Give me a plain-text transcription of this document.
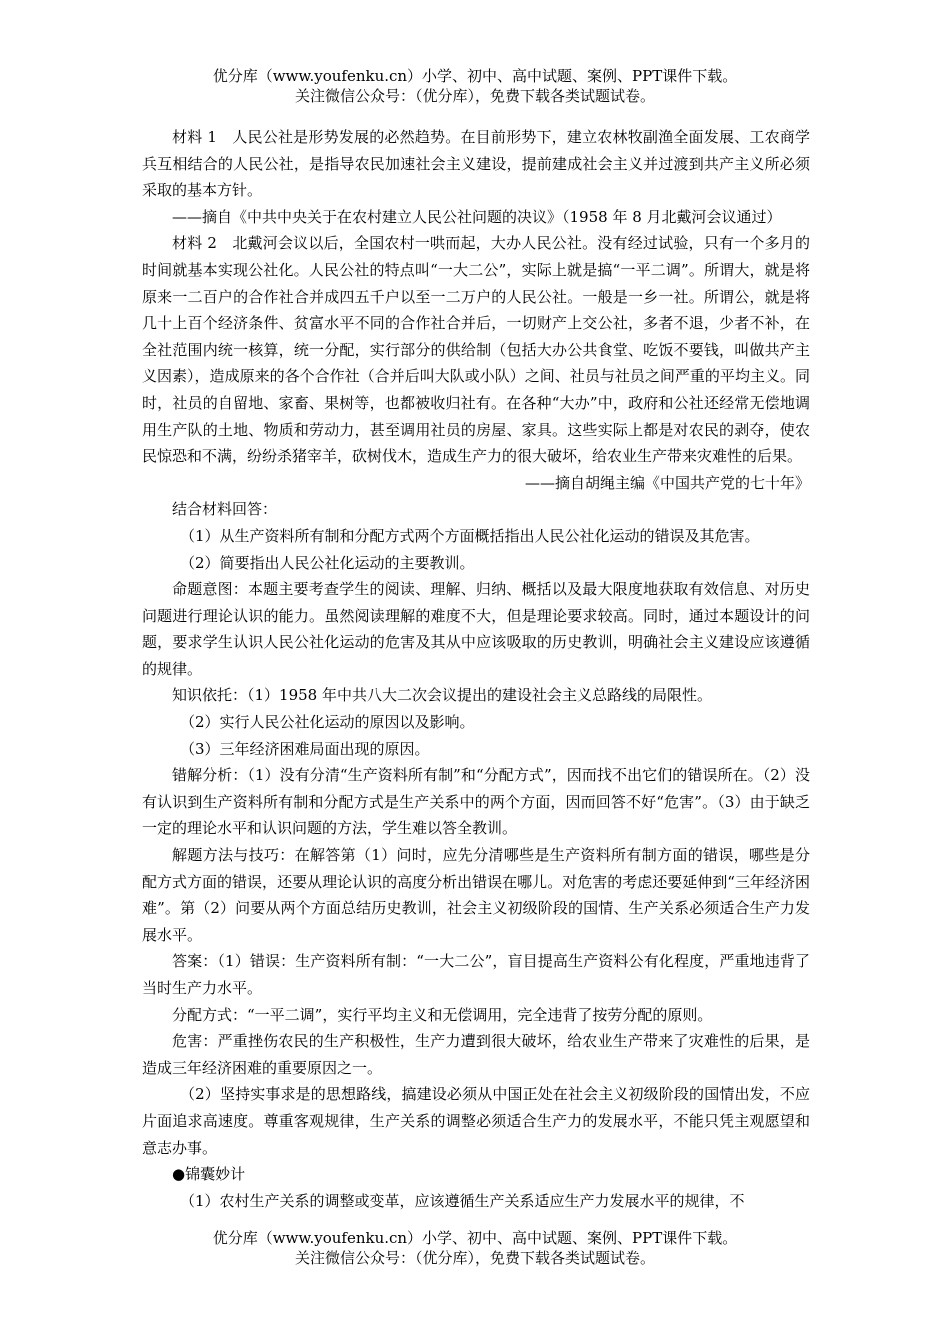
优分库（www.youfenku.cn）小学、初中、高中试题、案例、PPT课件下载。
关注微信公众号：（优分库），免费下载各类试题试卷。

材料 1　人民公社是形势发展的必然趋势。在目前形势下，建立农林牧副渔全面发展、工农商学兵互相结合的人民公社，是指导农民加速社会主义建设，提前建成社会主义并过渡到共产主义所必须采取的基本方针。

——摘自《中共中央关于在农村建立人民公社问题的决议》（1958 年 8 月北戴河会议通过）

材料 2　北戴河会议以后，全国农村一哄而起，大办人民公社。没有经过试验，只有一个多月的时间就基本实现公社化。人民公社的特点叫“一大二公”，实际上就是搞“一平二调”。所谓大，就是将原来一二百户的合作社合并成四五千户以至一二万户的人民公社。一般是一乡一社。所谓公，就是将几十上百个经济条件、贫富水平不同的合作社合并后，一切财产上交公社，多者不退，少者不补，在全社范围内统一核算，统一分配，实行部分的供给制（包括大办公共食堂、吃饭不要钱，叫做共产主义因素），造成原来的各个合作社（合并后叫大队或小队）之间、社员与社员之间严重的平均主义。同时，社员的自留地、家畜、果树等，也都被收归社有。在各种“大办”中，政府和公社还经常无偿地调用生产队的土地、物质和劳动力，甚至调用社员的房屋、家具。这些实际上都是对农民的剥夺，使农民惊恐和不满，纷纷杀猪宰羊，砍树伐木，造成生产力的很大破坏，给农业生产带来灾难性的后果。

——摘自胡绳主编《中国共产党的七十年》

结合材料回答：

（1）从生产资料所有制和分配方式两个方面概括指出人民公社化运动的错误及其危害。

（2）简要指出人民公社化运动的主要教训。

命题意图：本题主要考查学生的阅读、理解、归纳、概括以及最大限度地获取有效信息、对历史问题进行理论认识的能力。虽然阅读理解的难度不大，但是理论要求较高。同时，通过本题设计的问题，要求学生认识人民公社化运动的危害及其从中应该吸取的历史教训，明确社会主义建设应该遵循的规律。

知识依托：（1）1958 年中共八大二次会议提出的建设社会主义总路线的局限性。

（2）实行人民公社化运动的原因以及影响。

（3）三年经济困难局面出现的原因。

错解分析：（1）没有分清“生产资料所有制”和“分配方式”，因而找不出它们的错误所在。（2）没有认识到生产资料所有制和分配方式是生产关系中的两个方面，因而回答不好“危害”。（3）由于缺乏一定的理论水平和认识问题的方法，学生难以答全教训。

解题方法与技巧：在解答第（1）问时，应先分清哪些是生产资料所有制方面的错误，哪些是分配方式方面的错误，还要从理论认识的高度分析出错误在哪儿。对危害的考虑还要延伸到“三年经济困难”。第（2）问要从两个方面总结历史教训，社会主义初级阶段的国情、生产关系必须适合生产力发展水平。

答案：（1）错误：生产资料所有制：“一大二公”，盲目提高生产资料公有化程度，严重地违背了当时生产力水平。

分配方式：“一平二调”，实行平均主义和无偿调用，完全违背了按劳分配的原则。

危害：严重挫伤农民的生产积极性，生产力遭到很大破坏，给农业生产带来了灾难性的后果，是造成三年经济困难的重要原因之一。

（2）坚持实事求是的思想路线，搞建设必须从中国正处在社会主义初级阶段的国情出发，不应片面追求高速度。尊重客观规律，生产关系的调整必须适合生产力的发展水平，不能只凭主观愿望和意志办事。

●锦囊妙计

（1）农村生产关系的调整或变革，应该遵循生产关系适应生产力发展水平的规律，不

优分库（www.youfenku.cn）小学、初中、高中试题、案例、PPT课件下载。
关注微信公众号：（优分库），免费下载各类试题试卷。
